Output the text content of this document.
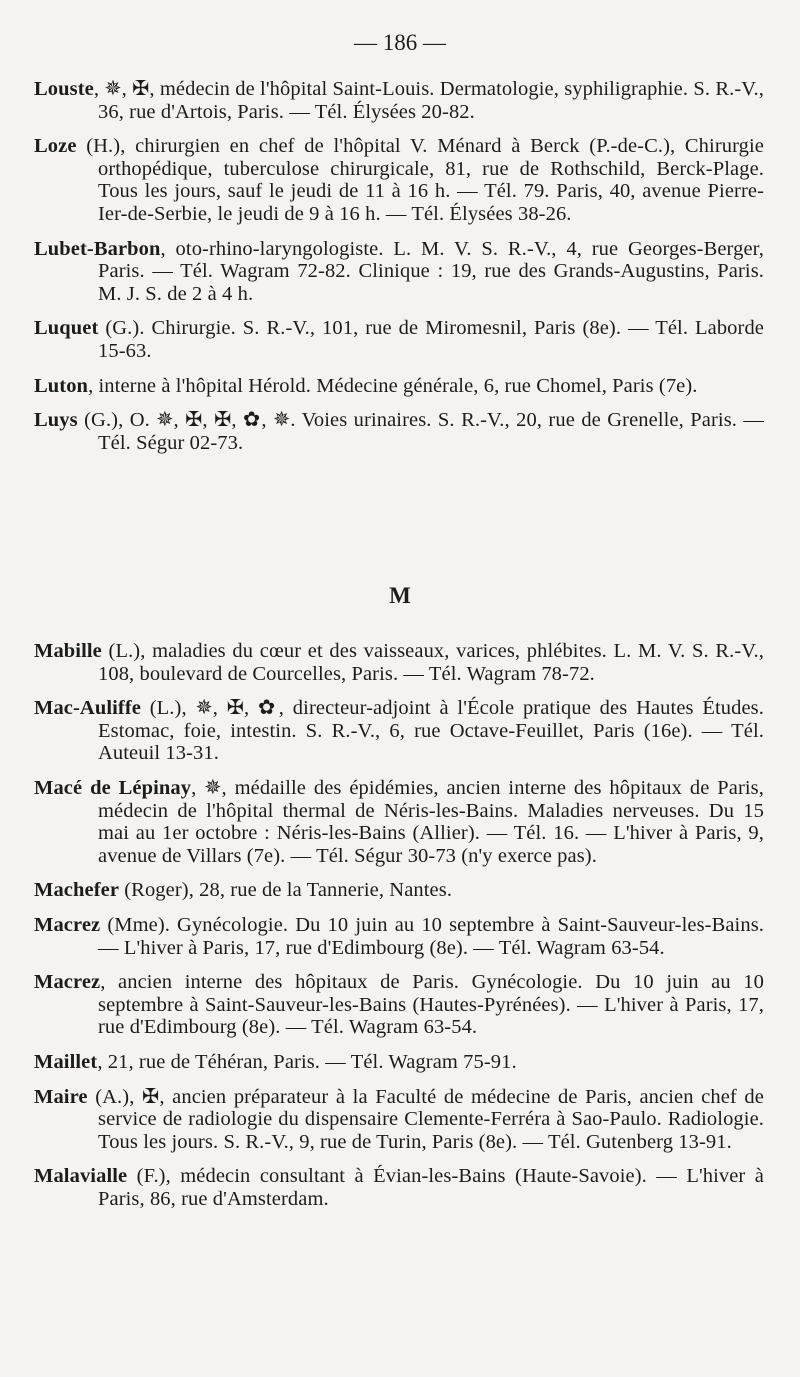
— 186 —

Louste, ✵, ✠, médecin de l'hôpital Saint-Louis. Dermatologie, syphiligraphie. S. R.-V., 36, rue d'Artois, Paris. — Tél. Élysées 20-82.

Loze (H.), chirurgien en chef de l'hôpital V. Ménard à Berck (P.-de-C.), Chirurgie orthopédique, tuberculose chirurgicale, 81, rue de Rothschild, Berck-Plage. Tous les jours, sauf le jeudi de 11 à 16 h. — Tél. 79. Paris, 40, avenue Pierre-Ier-de-Serbie, le jeudi de 9 à 16 h. — Tél. Élysées 38-26.

Lubet-Barbon, oto-rhino-laryngologiste. L. M. V. S. R.-V., 4, rue Georges-Berger, Paris. — Tél. Wagram 72-82. Clinique : 19, rue des Grands-Augustins, Paris. M. J. S. de 2 à 4 h.

Luquet (G.). Chirurgie. S. R.-V., 101, rue de Miromesnil, Paris (8e). — Tél. Laborde 15-63.

Luton, interne à l'hôpital Hérold. Médecine générale, 6, rue Chomel, Paris (7e).

Luys (G.), O. ✵, ✠, ✠, ✿, ✵. Voies urinaires. S. R.-V., 20, rue de Grenelle, Paris. — Tél. Ségur 02-73.

M

Mabille (L.), maladies du cœur et des vaisseaux, varices, phlébites. L. M. V. S. R.-V., 108, boulevard de Courcelles, Paris. — Tél. Wagram 78-72.

Mac-Auliffe (L.), ✵, ✠, ✿, directeur-adjoint à l'École pratique des Hautes Études. Estomac, foie, intestin. S. R.-V., 6, rue Octave-Feuillet, Paris (16e). — Tél. Auteuil 13-31.

Macé de Lépinay, ✵, médaille des épidémies, ancien interne des hôpitaux de Paris, médecin de l'hôpital thermal de Néris-les-Bains. Maladies nerveuses. Du 15 mai au 1er octobre : Néris-les-Bains (Allier). — Tél. 16. — L'hiver à Paris, 9, avenue de Villars (7e). — Tél. Ségur 30-73 (n'y exerce pas).

Machefer (Roger), 28, rue de la Tannerie, Nantes.

Macrez (Mme). Gynécologie. Du 10 juin au 10 septembre à Saint-Sauveur-les-Bains. — L'hiver à Paris, 17, rue d'Edimbourg (8e). — Tél. Wagram 63-54.

Macrez, ancien interne des hôpitaux de Paris. Gynécologie. Du 10 juin au 10 septembre à Saint-Sauveur-les-Bains (Hautes-Pyrénées). — L'hiver à Paris, 17, rue d'Edimbourg (8e). — Tél. Wagram 63-54.

Maillet, 21, rue de Téhéran, Paris. — Tél. Wagram 75-91.

Maire (A.), ✠, ancien préparateur à la Faculté de médecine de Paris, ancien chef de service de radiologie du dispensaire Clemente-Ferréra à Sao-Paulo. Radiologie. Tous les jours. S. R.-V., 9, rue de Turin, Paris (8e). — Tél. Gutenberg 13-91.

Malavialle (F.), médecin consultant à Évian-les-Bains (Haute-Savoie). — L'hiver à Paris, 86, rue d'Amsterdam.
